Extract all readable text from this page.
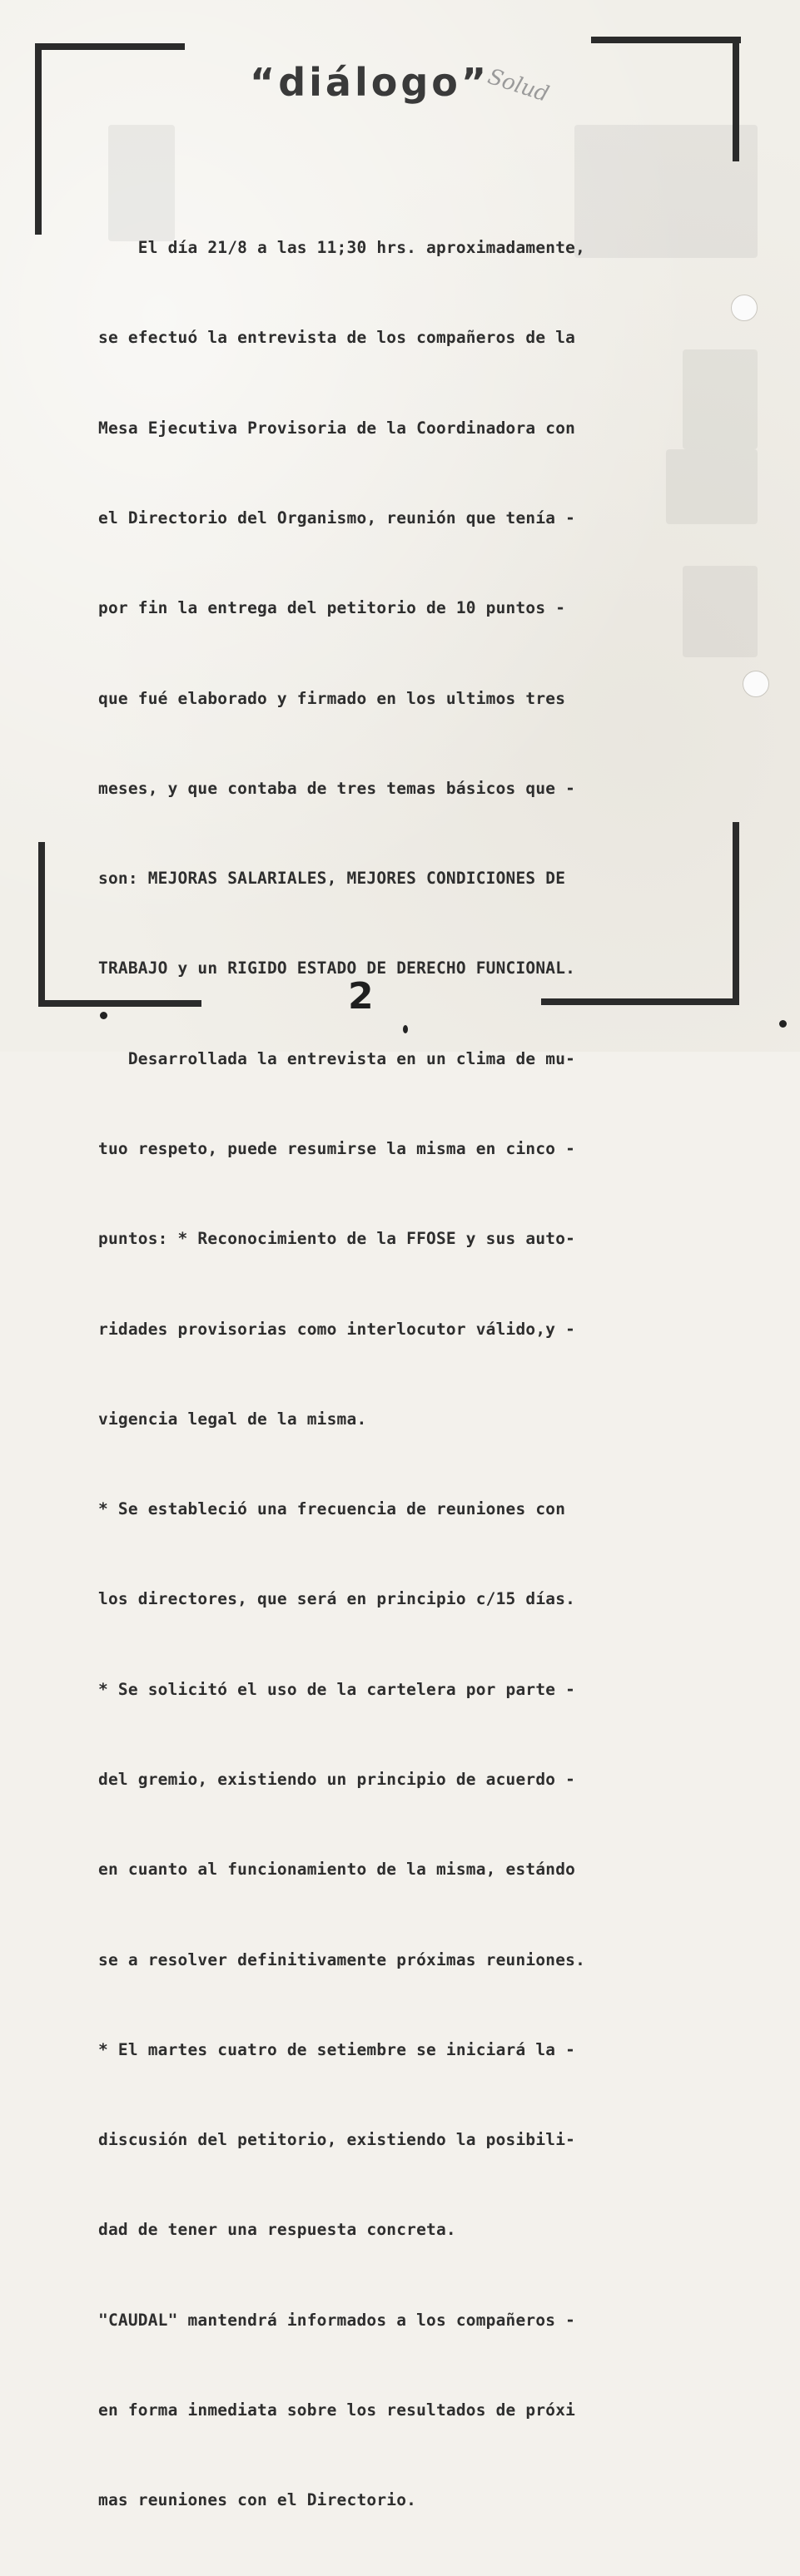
“diálogo”
Solud

El día 21/8 a las 11;30 hrs. aproximadamente,

se efectuó la entrevista de los compañeros de la

Mesa Ejecutiva Provisoria de la Coordinadora con

el Directorio del Organismo, reunión que tenía -

por fin la entrega del petitorio de 10 puntos -

que fué elaborado y firmado en los ultimos tres

meses, y que contaba de tres temas básicos que -

son: MEJORAS SALARIALES, MEJORES CONDICIONES DE

TRABAJO y un RIGIDO ESTADO DE DERECHO FUNCIONAL.

Desarrollada la entrevista en un clima de mu-

tuo respeto, puede resumirse la misma en cinco -

puntos: * Reconocimiento de la FFOSE y sus auto-

ridades provisorias como interlocutor válido,y -

vigencia legal de la misma.

* Se estableció una frecuencia de reuniones con

los directores, que será en principio c/15 días.

* Se solicitó el uso de la cartelera por parte -

del gremio, existiendo un principio de acuerdo -

en cuanto al funcionamiento de la misma, estándo

se a resolver definitivamente próximas reuniones.

* El martes cuatro de setiembre se iniciará la -

discusión del petitorio, existiendo la posibili-

dad de tener una respuesta concreta.

"CAUDAL" mantendrá informados a los compañeros -

en forma inmediata sobre los resultados de próxi

mas reuniones con el Directorio.

2
